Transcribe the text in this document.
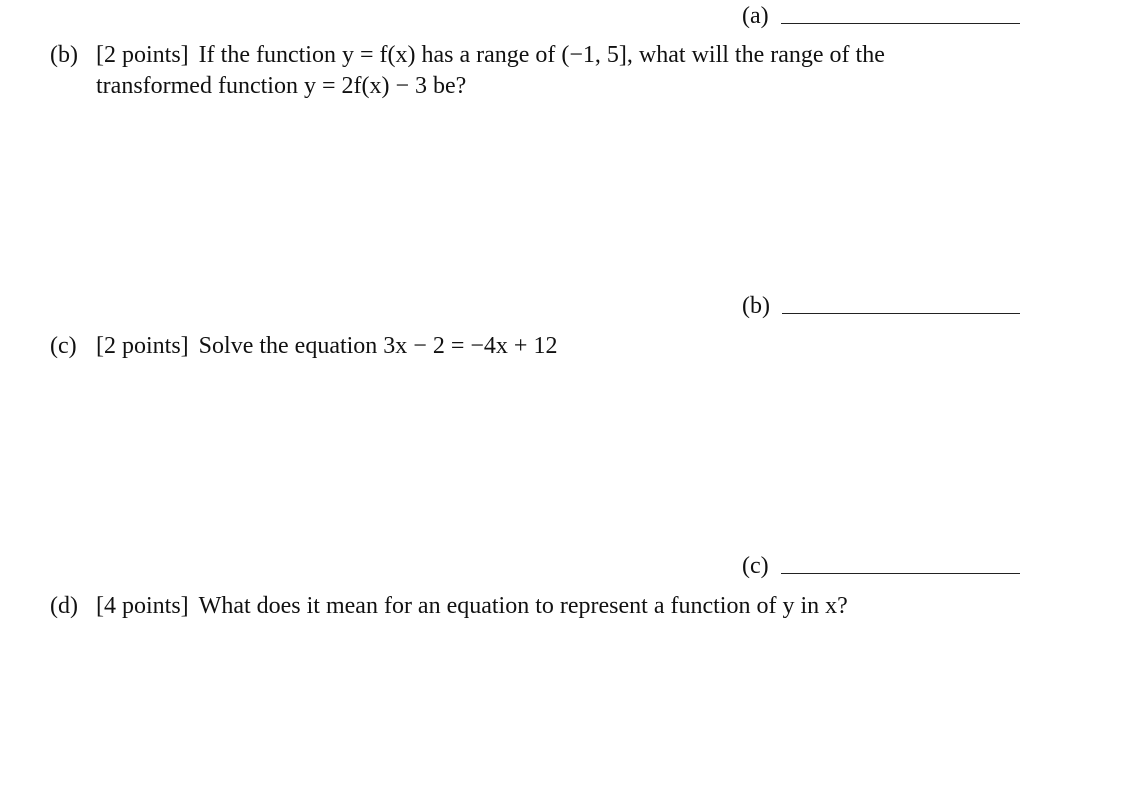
(a)
(b) [2 points] If the function y = f(x) has a range of (−1, 5], what will the range of the
transformed function y = 2f(x) − 3 be?
(b)
(c) [2 points] Solve the equation 3x − 2 = −4x + 12
(c)
(d) [4 points] What does it mean for an equation to represent a function of y in x?
